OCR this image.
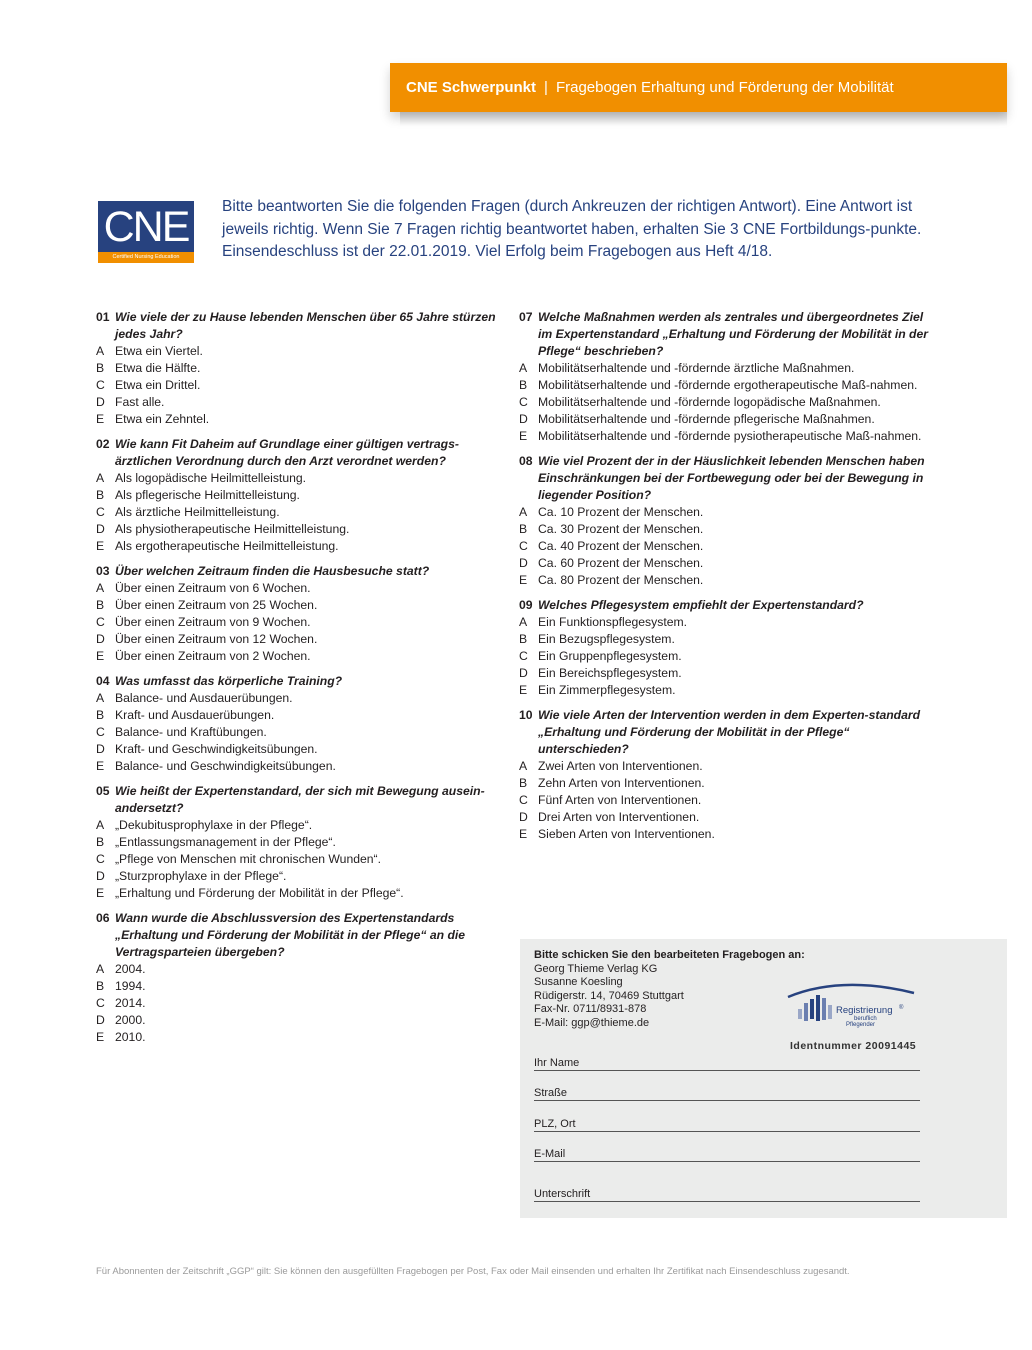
CNE Schwerpunkt | Fragebogen Erhaltung und Förderung der Mobilität
CNE
Certified Nursing Education
Bitte beantworten Sie die folgenden Fragen (durch Ankreuzen der richtigen Antwort). Eine Antwort ist jeweils richtig. Wenn Sie 7 Fragen richtig beantwortet haben, erhalten Sie 3 CNE Fortbildungs-punkte. Einsendeschluss ist der 22.01.2019. Viel Erfolg beim Fragebogen aus Heft 4/18.
01 Wie viele der zu Hause lebenden Menschen über 65 Jahre stürzen jedes Jahr?
A Etwa ein Viertel.
B Etwa die Hälfte.
C Etwa ein Drittel.
D Fast alle.
E Etwa ein Zehntel.
02 Wie kann Fit Daheim auf Grundlage einer gültigen vertrags-ärztlichen Verordnung durch den Arzt verordnet werden?
A Als logopädische Heilmittelleistung.
B Als pflegerische Heilmittelleistung.
C Als ärztliche Heilmittelleistung.
D Als physiotherapeutische Heilmittelleistung.
E Als ergotherapeutische Heilmittelleistung.
03 Über welchen Zeitraum finden die Hausbesuche statt?
A Über einen Zeitraum von 6 Wochen.
B Über einen Zeitraum von 25 Wochen.
C Über einen Zeitraum von 9 Wochen.
D Über einen Zeitraum von 12 Wochen.
E Über einen Zeitraum von 2 Wochen.
04 Was umfasst das körperliche Training?
A Balance- und Ausdauerübungen.
B Kraft- und Ausdauerübungen.
C Balance- und Kraftübungen.
D Kraft- und Geschwindigkeitsübungen.
E Balance- und Geschwindigkeitsübungen.
05 Wie heißt der Expertenstandard, der sich mit Bewegung ausein-andersetzt?
A „Dekubitusprophylaxe in der Pflege“.
B „Entlassungsmanagement in der Pflege“.
C „Pflege von Menschen mit chronischen Wunden“.
D „Sturzprophylaxe in der Pflege“.
E „Erhaltung und Förderung der Mobilität in der Pflege“.
06 Wann wurde die Abschlussversion des Expertenstandards „Erhaltung und Förderung der Mobilität in der Pflege“ an die Vertragsparteien übergeben?
A 2004.
B 1994.
C 2014.
D 2000.
E 2010.
07 Welche Maßnahmen werden als zentrales und übergeordnetes Ziel im Expertenstandard „Erhaltung und Förderung der Mobilität in der Pflege“ beschrieben?
A Mobilitätserhaltende und -fördernde ärztliche Maßnahmen.
B Mobilitätserhaltende und -fördernde ergotherapeutische Maß-nahmen.
C Mobilitätserhaltende und -fördernde logopädische Maßnahmen.
D Mobilitätserhaltende und -fördernde pflegerische Maßnahmen.
E Mobilitätserhaltende und -fördernde pysiotherapeutische Maß-nahmen.
08 Wie viel Prozent der in der Häuslichkeit lebenden Menschen haben Einschränkungen bei der Fortbewegung oder bei der Bewegung in liegender Position?
A Ca. 10 Prozent der Menschen.
B Ca. 30 Prozent der Menschen.
C Ca. 40 Prozent der Menschen.
D Ca. 60 Prozent der Menschen.
E Ca. 80 Prozent der Menschen.
09 Welches Pflegesystem empfiehlt der Expertenstandard?
A Ein Funktionspflegesystem.
B Ein Bezugspflegesystem.
C Ein Gruppenpflegesystem.
D Ein Bereichspflegesystem.
E Ein Zimmerpflegesystem.
10 Wie viele Arten der Intervention werden in dem Experten-standard „Erhaltung und Förderung der Mobilität in der Pflege“ unterschieden?
A Zwei Arten von Interventionen.
B Zehn Arten von Interventionen.
C Fünf Arten von Interventionen.
D Drei Arten von Interventionen.
E Sieben Arten von Interventionen.
Bitte schicken Sie den bearbeiteten Fragebogen an:
Georg Thieme Verlag KG
Susanne Koesling
Rüdigerstr. 14, 70469 Stuttgart
Fax-Nr. 0711/8931-878
E-Mail: ggp@thieme.de
Registrierung ®
beruflich
Pflegender
Identnummer 20091445
Ihr Name
Straße
PLZ, Ort
E-Mail
Unterschrift
Für Abonnenten der Zeitschrift „GGP“ gilt: Sie können den ausgefüllten Fragebogen per Post, Fax oder Mail einsenden und erhalten Ihr Zertifikat nach Einsendeschluss zugesandt.
